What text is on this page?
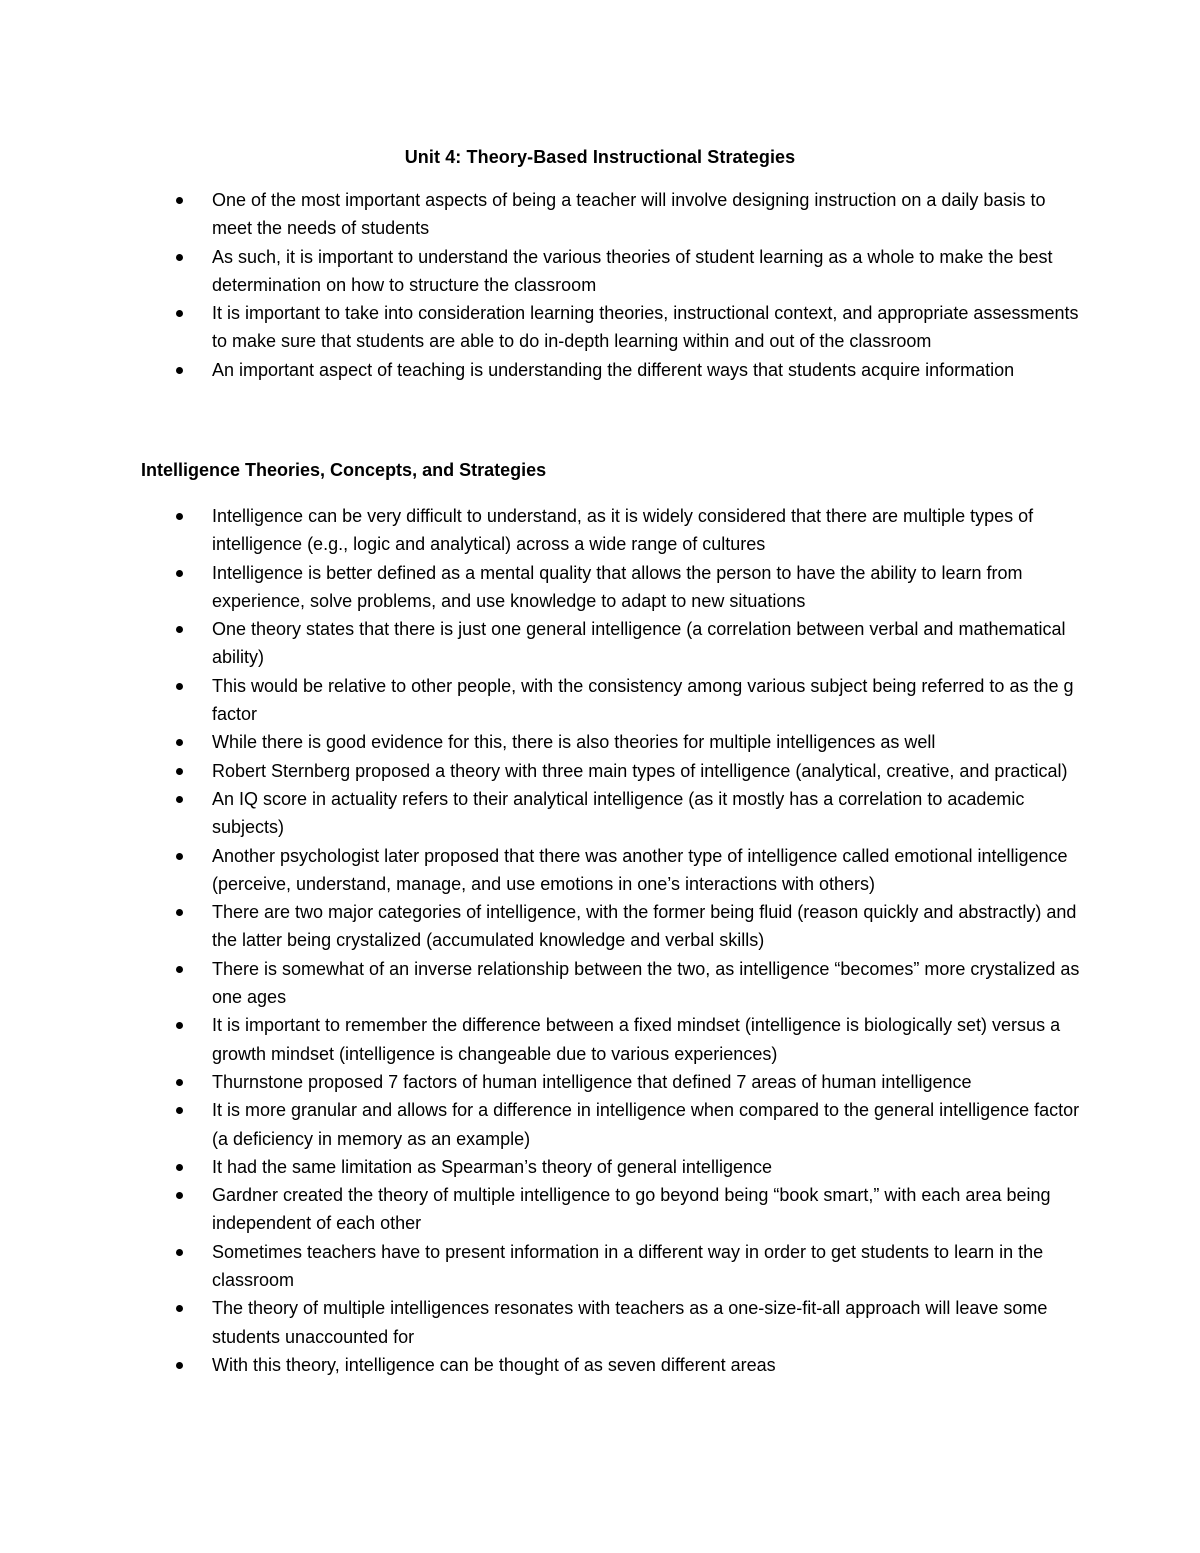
Unit 4: Theory-Based Instructional Strategies
One of the most important aspects of being a teacher will involve designing instruction on a daily basis to meet the needs of students
As such, it is important to understand the various theories of student learning as a whole to make the best determination on how to structure the classroom
It is important to take into consideration learning theories, instructional context, and appropriate assessments to make sure that students are able to do in-depth learning within and out of the classroom
An important aspect of teaching is understanding the different ways that students acquire information
Intelligence Theories, Concepts, and Strategies
Intelligence can be very difficult to understand, as it is widely considered that there are multiple types of intelligence (e.g., logic and analytical) across a wide range of cultures
Intelligence is better defined as a mental quality that allows the person to have the ability to learn from experience, solve problems, and use knowledge to adapt to new situations
One theory states that there is just one general intelligence (a correlation between verbal and mathematical ability)
This would be relative to other people, with the consistency among various subject being referred to as the g factor
While there is good evidence for this, there is also theories for multiple intelligences as well
Robert Sternberg proposed a theory with three main types of intelligence (analytical, creative, and practical)
An IQ score in actuality refers to their analytical intelligence (as it mostly has a correlation to academic subjects)
Another psychologist later proposed that there was another type of intelligence called emotional intelligence (perceive, understand, manage, and use emotions in one’s interactions with others)
There are two major categories of intelligence, with the former being fluid (reason quickly and abstractly) and the latter being crystalized (accumulated knowledge and verbal skills)
There is somewhat of an inverse relationship between the two, as intelligence “becomes” more crystalized as one ages
It is important to remember the difference between a fixed mindset (intelligence is biologically set) versus a growth mindset (intelligence is changeable due to various experiences)
Thurnstone proposed 7 factors of human intelligence that defined 7 areas of human intelligence
It is more granular and allows for a difference in intelligence when compared to the general intelligence factor (a deficiency in memory as an example)
It had the same limitation as Spearman’s theory of general intelligence
Gardner created the theory of multiple intelligence to go beyond being “book smart,” with each area being independent of each other
Sometimes teachers have to present information in a different way in order to get students to learn in the classroom
The theory of multiple intelligences resonates with teachers as a one-size-fit-all approach will leave some students unaccounted for
With this theory, intelligence can be thought of as seven different areas
